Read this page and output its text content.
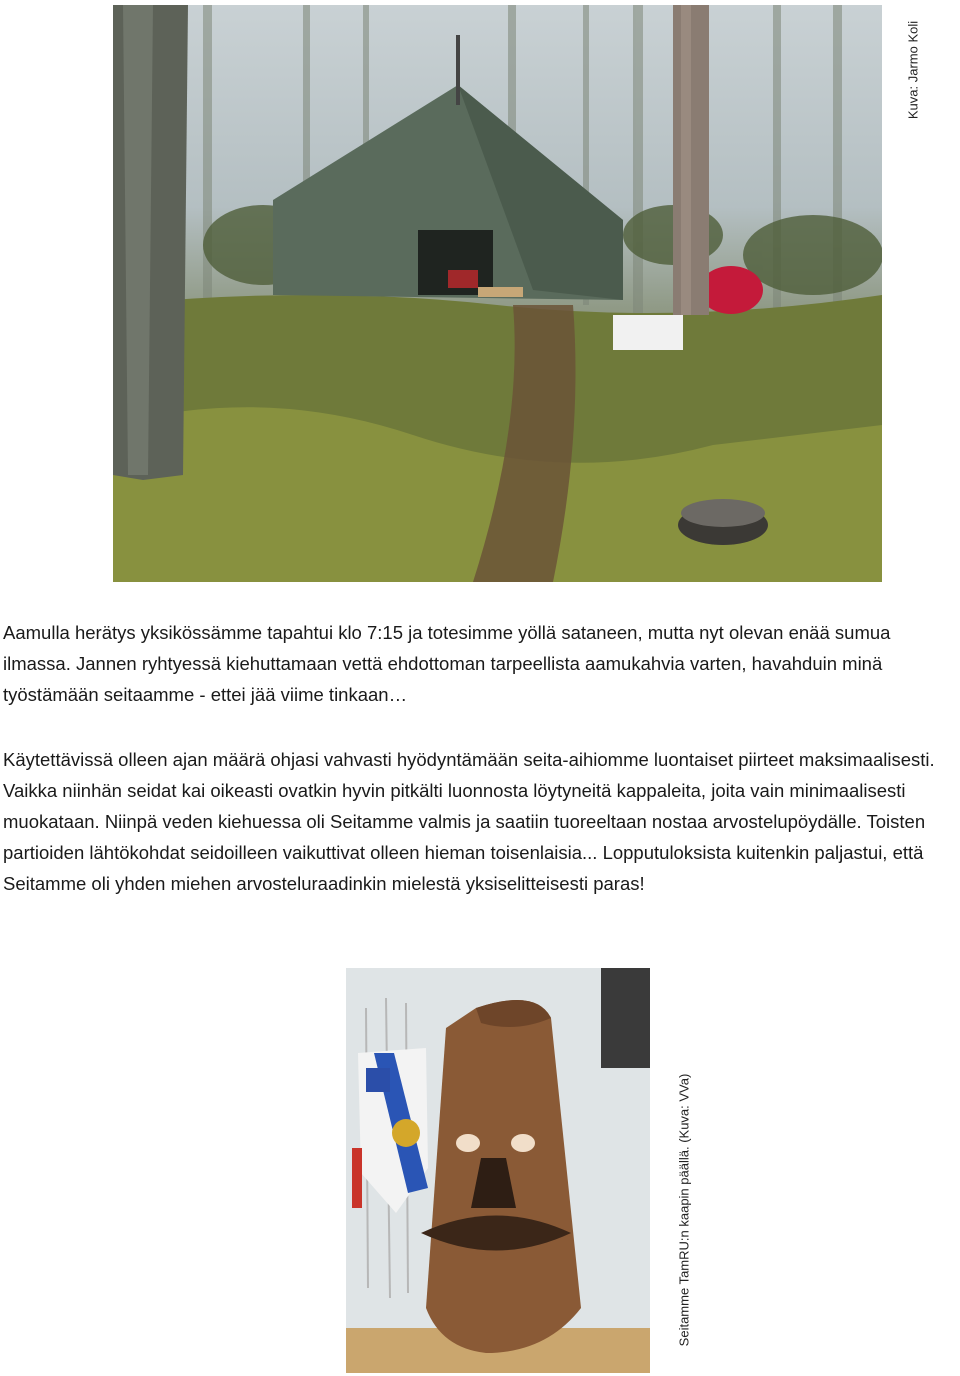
Kuva: Jarmo Koli

Aamulla herätys yksikössämme tapahtui klo 7:15 ja totesimme yöllä sataneen, mutta nyt olevan enää sumua ilmassa. Jannen ryhtyessä kiehuttamaan vettä ehdottoman tarpeellista aamukahvia varten, havahduin minä työstämään seitaamme - ettei jää viime tinkaan…

Käytettävissä olleen ajan määrä ohjasi vahvasti hyödyntämään seita-aihiomme luontaiset piirteet maksimaalisesti. Vaikka niinhän seidat kai oikeasti ovatkin hyvin pitkälti luonnosta löytyneitä kappaleita, joita vain minimaalisesti muokataan. Niinpä veden kiehuessa oli Seitamme valmis ja saatiin tuoreeltaan nostaa arvostelupöydälle. Toisten partioiden lähtökohdat seidoilleen vaikuttivat olleen hieman toisenlaisia... Lopputuloksista kuitenkin paljastui, että Seitamme oli yhden miehen arvosteluraadinkin mielestä yksiselitteisesti paras!

Seitamme TamRU:n kaapin päällä. (Kuva: VVa)
